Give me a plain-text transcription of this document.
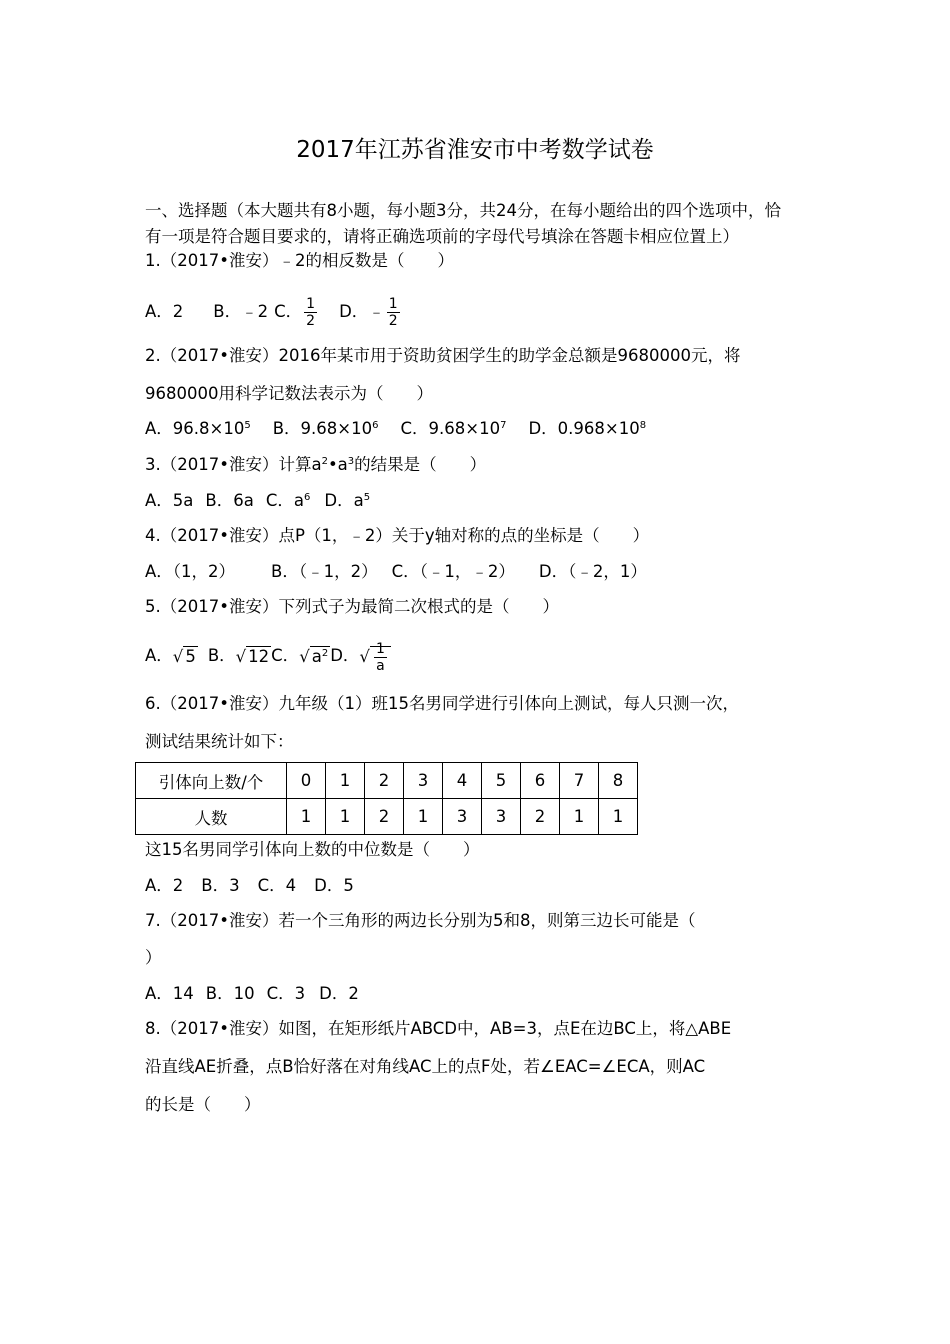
2017年江苏省淮安市中考数学试卷
一、选择题（本大题共有8小题，每小题3分，共24分，在每小题给出的四个选项中，恰
有一项是符合题目要求的，请将正确选项前的字母代号填涂在答题卡相应位置上）
1.（2017•淮安）﹣2的相反数是（　　）
A．2 B．﹣2 C． $\frac{1}{2}$ D．﹣ $\frac{1}{2}$
2.（2017•淮安）2016年某市用于资助贫困学生的助学金总额是9680000元，将
9680000用科学记数法表示为（　　）
A．$96.8\times 10^5$ B．$9.68\times 10^6$ C．$9.68\times 10^7$ D．$0.968\times 10^8$
3.（2017•淮安）计算$a^2•a^3$的结果是（　　）
A．5a B．6a C．$a^6$ D．$a^5$
4.（2017•淮安）点P（1，﹣2）关于y轴对称的点的坐标是（　　）
A．（1，2） B．（﹣1，2） C．（﹣1，﹣2） D．（﹣2，1）
5.（2017•淮安）下列式子为最简二次根式的是（　　）
A．√ 5 B．√ 12 C．√ $a^2$ D．√ $\frac{1}{a}$
6.（2017•淮安）九年级（1）班15名男同学进行引体向上测试，每人只测一次，
测试结果统计如下：
引体向上数/个	0	1	2	3	4	5	6	7	8
人数	1	1	2	1	3	3	2	1	1
这15名男同学引体向上数的中位数是（　　）
A．2 B．3 C．4 D．5
7.（2017•淮安）若一个三角形的两边长分别为5和8，则第三边长可能是（
）
A．14 B．10 C．3 D．2
8.（2017•淮安）如图，在矩形纸片ABCD中，AB=3，点E在边BC上，将△ABE
沿直线AE折叠，点B恰好落在对角线AC上的点F处，若∠EAC=∠ECA，则AC
的长是（　　）
